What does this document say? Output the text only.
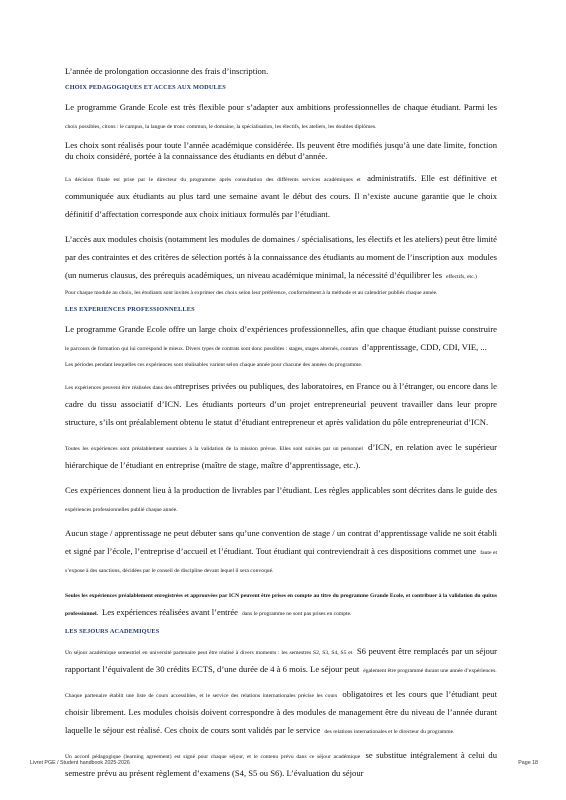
L’année de prolongation occasionne des frais d’inscription.

CHOIX PEDAGOGIQUES ET ACCES AUX MODULES

Le programme Grande Ecole est très flexible pour s’adapter aux ambitions professionnelles de chaque étudiant. Parmi les choix possibles, citons : le campus, la langue de tronc commun, le domaine, la spécialisation, les électifs, les ateliers, les doubles diplômes.

Les choix sont réalisés pour toute l’année académique considérée. Ils peuvent être modifiés jusqu’à une date limite, fonction du choix considéré, portée à la connaissance des étudiants en début d’année.

La décision finale est prise par le directeur du programme après consultation des différents services académiques et administratifs. Elle est définitive et communiquée aux étudiants au plus tard une semaine avant le début des cours. Il n’existe aucune garantie que le choix définitif d’affectation corresponde aux choix initiaux formulés par l’étudiant.

L’accès aux modules choisis (notamment les modules de domaines / spécialisations, les électifs et les ateliers) peut être limité par des contraintes et des critères de sélection portés à la connaissance des étudiants au moment de l’inscription aux modules (un numerus clausus, des prérequis académiques, un niveau académique minimal, la nécessité d’équilibrer les effectifs, etc.)

Pour chaque module au choix, les étudiants sont invités à exprimer des choix selon leur préférence, conformément à la méthode et au calendrier publiés chaque année.

LES EXPERIENCES PROFESSIONNELLES

Le programme Grande Ecole offre un large choix d’expériences professionnelles, afin que chaque étudiant puisse construire le parcours de formation qui lui correspond le mieux. Divers types de contrats sont donc possibles : stages, stages alternés, contrats d’apprentissage, CDD, CDI, VIE, ...

Les périodes pendant lesquelles ces expériences sont réalisables varient selon chaque année pour chacune des années du programme.

Les expériences peuvent être réalisées dans des entreprises privées ou publiques, des laboratoires, en France ou à l’étranger, ou encore dans le cadre du tissu associatif d’ICN. Les étudiants porteurs d’un projet entrepreneurial peuvent travailler dans leur propre structure, s’ils ont préalablement obtenu le statut d’étudiant entrepreneur et après validation du pôle entrepreneuriat d’ICN.

Toutes les expériences sont préalablement soumises à la validation de la mission prévue. Elles sont suivies par un personnel d’ICN, en relation avec le supérieur hiérarchique de l’étudiant en entreprise (maître de stage, maître d’apprentissage, etc.).

Ces expériences donnent lieu à la production de livrables par l’étudiant. Les règles applicables sont décrites dans le guide des expériences professionnelles publié chaque année.

Aucun stage / apprentissage ne peut débuter sans qu’une convention de stage / un contrat d’apprentissage valide ne soit établi et signé par l’école, l’entreprise d’accueil et l’étudiant. Tout étudiant qui contreviendrait à ces dispositions commet une faute et s’expose à des sanctions, décidées par le conseil de discipline devant lequel il sera convoqué.

Seules les expériences préalablement enregistrées et approuvées par ICN peuvent être prises en compte au titre du programme Grande Ecole, et contribuer à la validation du quitus professionnel. Les expériences réalisées avant l’entrée dans le programme ne sont pas prises en compte.

LES SEJOURS ACADEMIQUES

Un séjour académique semestriel en université partenaire peut être réalisé à divers moments : les semestres S2, S3, S4, S5 et S6 peuvent être remplacés par un séjour rapportant l’équivalent de 30 crédits ECTS, d’une durée de 4 à 6 mois. Le séjour peut également être programmé durant une année d’expériences.

Chaque partenaire établit une liste de cours accessibles, et le service des relations internationales précise les cours obligatoires et les cours que l’étudiant peut choisir librement. Les modules choisis doivent correspondre à des modules de management être du niveau de l’année durant laquelle le séjour est réalisé. Ces choix de cours sont validés par le service des relations internationales et le directeur du programme.

Un accord pédagogique (learning agreement) est signé pour chaque séjour, et le contenu prévu dans ce séjour académique se substitue intégralement à celui du semestre prévu au présent règlement d’examens (S4, S5 ou S6). L’évaluation du séjour

Livret PGE / Student handbook 2025-2026	Page 18
